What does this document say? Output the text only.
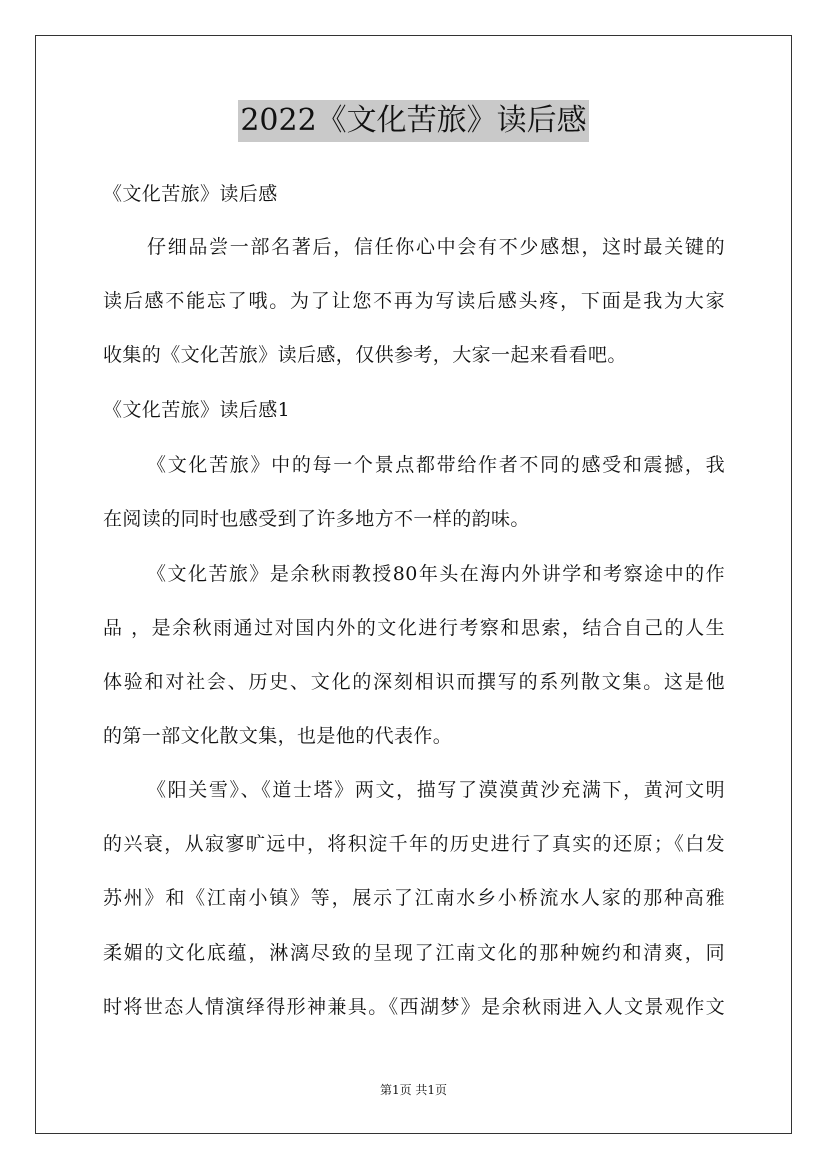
2022《文化苦旅》读后感
《文化苦旅》读后感
仔细品尝一部名著后，信任你心中会有不少感想，这时最关键的
读后感不能忘了哦。为了让您不再为写读后感头疼，下面是我为大家
收集的《文化苦旅》读后感，仅供参考，大家一起来看看吧。
《文化苦旅》读后感1
《文化苦旅》中的每一个景点都带给作者不同的感受和震撼，我
在阅读的同时也感受到了许多地方不一样的韵味。
《文化苦旅》是余秋雨教授80年头在海内外讲学和考察途中的作
品 ，是余秋雨通过对国内外的文化进行考察和思索，结合自己的人生
体验和对社会、历史、文化的深刻相识而撰写的系列散文集。这是他
的第一部文化散文集，也是他的代表作。
《阳关雪》、《道士塔》两文，描写了漠漠黄沙充满下，黄河文明
的兴衰，从寂寥旷远中，将积淀千年的历史进行了真实的还原；《白发
苏州》和《江南小镇》等，展示了江南水乡小桥流水人家的那种高雅
柔媚的文化底蕴，淋漓尽致的呈现了江南文化的那种婉约和清爽，同
时将世态人情演绎得形神兼具。《西湖梦》是余秋雨进入人文景观作文
第1页 共1页
